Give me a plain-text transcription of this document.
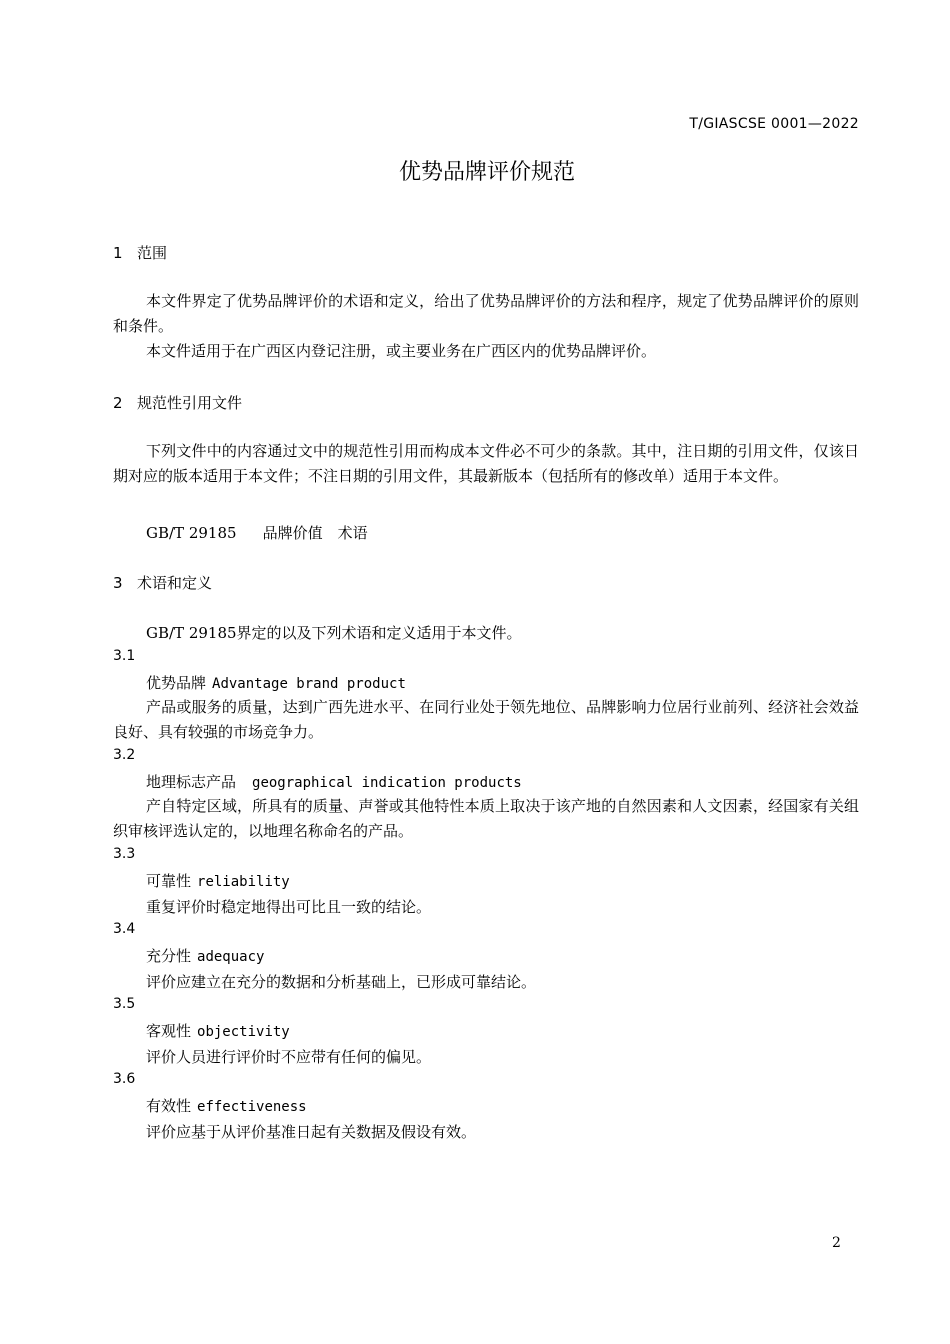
T/GIASCSE 0001—2022
优势品牌评价规范
1 范围
本文件界定了优势品牌评价的术语和定义，给出了优势品牌评价的方法和程序，规定了优势品牌评价的原则和条件。
本文件适用于在广西区内登记注册，或主要业务在广西区内的优势品牌评价。
2 规范性引用文件
下列文件中的内容通过文中的规范性引用而构成本文件必不可少的条款。其中，注日期的引用文件，仅该日期对应的版本适用于本文件；不注日期的引用文件，其最新版本（包括所有的修改单）适用于本文件。
GB/T 29185 品牌价值　术语
3 术语和定义
GB/T 29185界定的以及下列术语和定义适用于本文件。
3.1
优势品牌 Advantage brand product
产品或服务的质量，达到广西先进水平、在同行业处于领先地位、品牌影响力位居行业前列、经济社会效益良好、具有较强的市场竞争力。
3.2
地理标志产品 geographical indication products
产自特定区域，所具有的质量、声誉或其他特性本质上取决于该产地的自然因素和人文因素，经国家有关组织审核评选认定的，以地理名称命名的产品。
3.3
可靠性 reliability
重复评价时稳定地得出可比且一致的结论。
3.4
充分性 adequacy
评价应建立在充分的数据和分析基础上，已形成可靠结论。
3.5
客观性 objectivity
评价人员进行评价时不应带有任何的偏见。
3.6
有效性 effectiveness
评价应基于从评价基准日起有关数据及假设有效。
2
